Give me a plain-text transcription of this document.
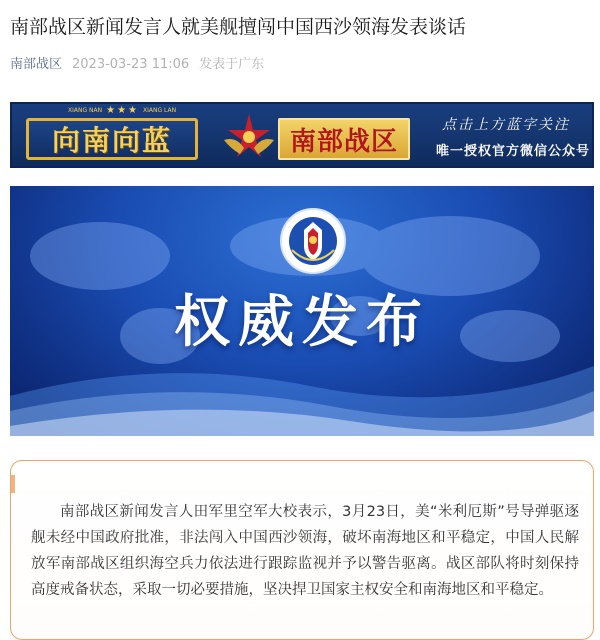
南部战区新闻发言人就美舰擅闯中国西沙领海发表谈话
南部战区 2023-03-23 11:06 发表于广东
XIANG NAN ★★★ XIANG LAN
向南向蓝	南部战区
点击上方蓝字关注
唯一授权官方微信公众号
权威发布

南部战区新闻发言人田军里空军大校表示，3月23日，美“米利厄斯”号导弹驱逐舰未经中国政府批准，非法闯入中国西沙领海，破坏南海地区和平稳定，中国人民解放军南部战区组织海空兵力依法进行跟踪监视并予以警告驱离。战区部队将时刻保持高度戒备状态，采取一切必要措施，坚决捍卫国家主权安全和南海地区和平稳定。
